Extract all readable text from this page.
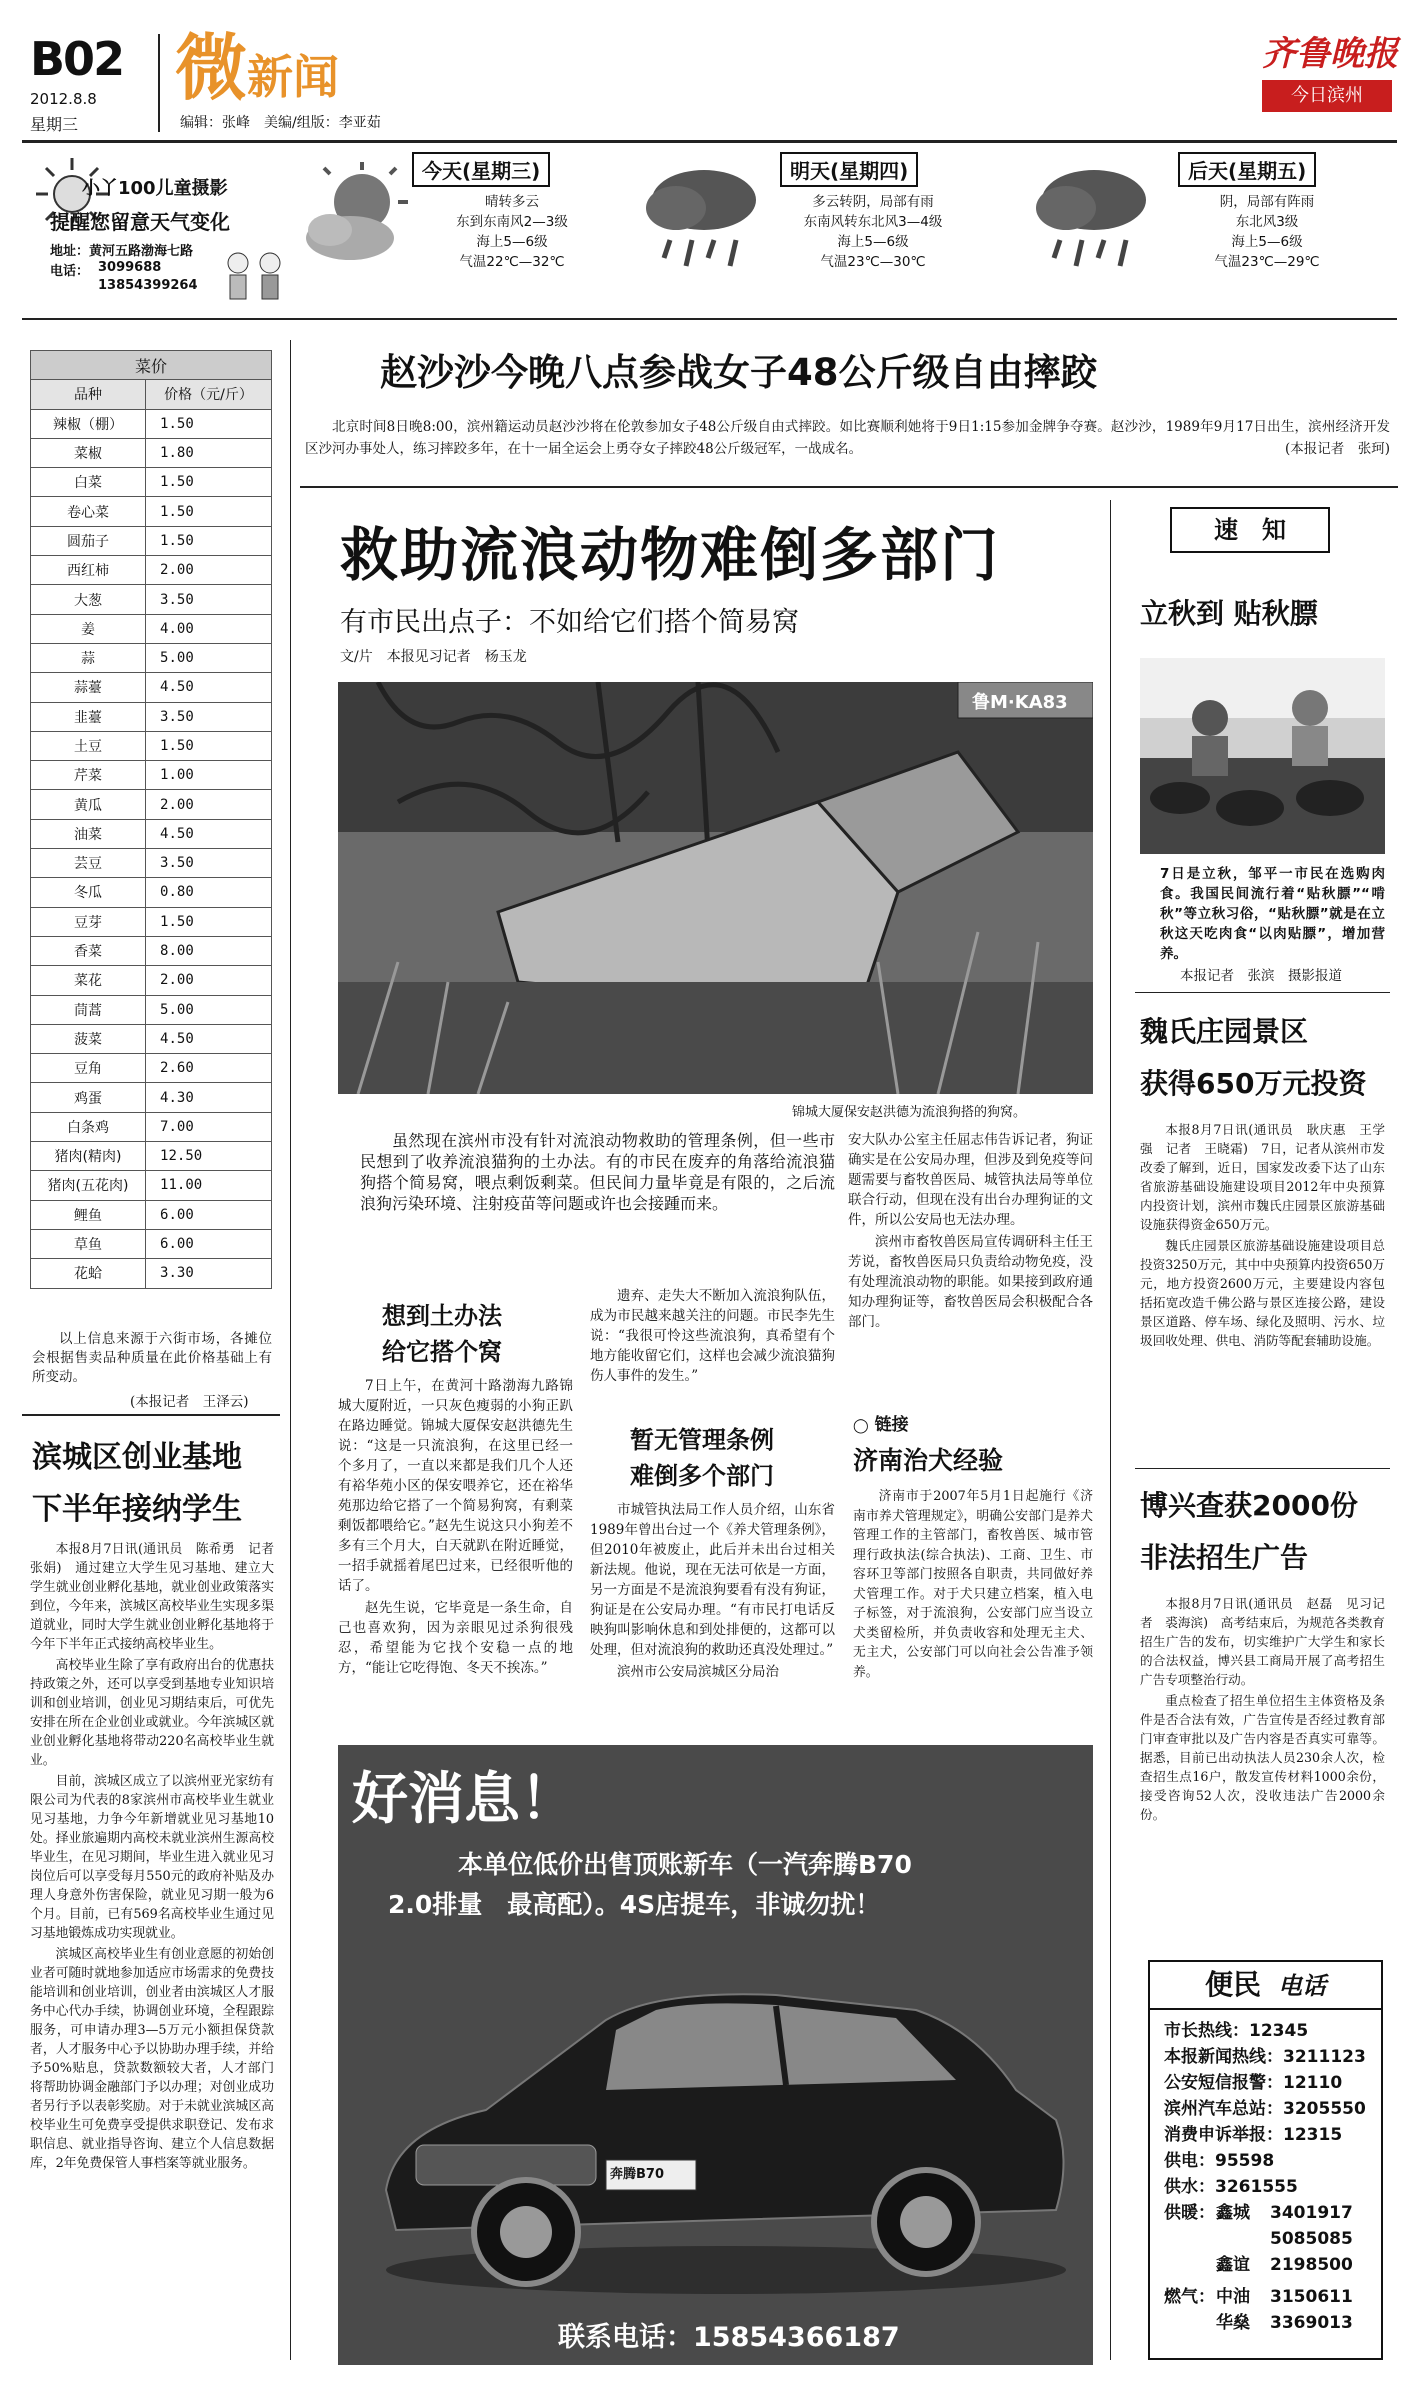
B02
2012.8.8
星期三
微新闻
编辑：张峰　美编/组版：李亚茹
齐鲁晚报
今日滨州
小丫100儿童摄影
提醒您留意天气变化
地址：黄河五路渤海七路
电话： 3099688
13854399264
今天(星期三)
晴转多云
东到东南风2—3级
海上5—6级
气温22℃—32℃
明天(星期四)
多云转阴，局部有雨
东南风转东北风3—4级
海上5—6级
气温23℃—30℃
后天(星期五)
阴，局部有阵雨
东北风3级
海上5—6级
气温23℃—29℃
菜价	
品种	价格（元/斤）
辣椒（棚）	1.50
菜椒	1.80
白菜	1.50
卷心菜	1.50
圆茄子	1.50
西红柿	2.00
大葱	3.50
姜	4.00
蒜	5.00
蒜薹	4.50
韭薹	3.50
土豆	1.50
芹菜	1.00
黄瓜	2.00
油菜	4.50
芸豆	3.50
冬瓜	0.80
豆芽	1.50
香菜	8.00
菜花	2.00
茼蒿	5.00
菠菜	4.50
豆角	2.60
鸡蛋	4.30
白条鸡	7.00
猪肉(精肉)	12.50
猪肉(五花肉)	11.00
鲤鱼	6.00
草鱼	6.00
花蛤	3.30
以上信息来源于六街市场，各摊位会根据售卖品种质量在此价格基础上有所变动。
(本报记者　王泽云)
滨城区创业基地
下半年接纳学生

本报8月7日讯(通讯员　陈希勇　记者　张娟)　通过建立大学生见习基地、建立大学生就业创业孵化基地，就业创业政策落实到位，今年来，滨城区高校毕业生实现多渠道就业，同时大学生就业创业孵化基地将于今年下半年正式接纳高校毕业生。

高校毕业生除了享有政府出台的优惠扶持政策之外，还可以享受到基地专业知识培训和创业培训，创业见习期结束后，可优先安排在所在企业创业或就业。今年滨城区就业创业孵化基地将带动220名高校毕业生就业。

目前，滨城区成立了以滨州亚光家纺有限公司为代表的8家滨州市高校毕业生就业见习基地，力争今年新增就业见习基地10处。择业旅遍期内高校未就业滨州生源高校毕业生，在见习期间，毕业生进入就业见习岗位后可以享受每月550元的政府补贴及办理人身意外伤害保险，就业见习期一般为6个月。目前，已有569名高校毕业生通过见习基地锻炼成功实现就业。

滨城区高校毕业生有创业意愿的初始创业者可随时就地参加适应市场需求的免费技能培训和创业培训，创业者由滨城区人才服务中心代办手续，协调创业环境，全程跟踪服务，可申请办理3—5万元小额担保贷款者，人才服务中心予以协助办理手续，并给予50%贴息，贷款数额较大者，人才部门将帮助协调金融部门予以办理；对创业成功者另行予以表彰奖励。对于未就业滨城区高校毕业生可免费享受提供求职登记、发布求职信息、就业指导咨询、建立个人信息数据库，2年免费保管人事档案等就业服务。

赵沙沙今晚八点参战女子48公斤级自由摔跤
北京时间8日晚8:00，滨州籍运动员赵沙沙将在伦敦参加女子48公斤级自由式摔跤。如比赛顺利她将于9日1:15参加金牌争夺赛。赵沙沙，1989年9月17日出生，滨州经济开发区沙河办事处人，练习摔跤多年，在十一届全运会上勇夺女子摔跤48公斤级冠军，一战成名。	(本报记者　张珂)
救助流浪动物难倒多部门
有市民出点子：不如给它们搭个简易窝
文/片　本报见习记者　杨玉龙
鲁M·KA83
锦城大厦保安赵洪德为流浪狗搭的狗窝。
虽然现在滨州市没有针对流浪动物救助的管理条例，但一些市民想到了收养流浪猫狗的土办法。有的市民在废弃的角落给流浪猫狗搭个简易窝，喂点剩饭剩菜。但民间力量毕竟是有限的，之后流浪狗污染环境、注射疫苗等问题或许也会接踵而来。

安大队办公室主任屈志伟告诉记者，狗证确实是在公安局办理，但涉及到免疫等问题需要与畜牧兽医局、城管执法局等单位联合行动，但现在没有出台办理狗证的文件，所以公安局也无法办理。

滨州市畜牧兽医局宣传调研科主任王芳说，畜牧兽医局只负责给动物免疫，没有处理流浪动物的职能。如果接到政府通知办理狗证等，畜牧兽医局会积极配合各部门。

想到土办法
给它搭个窝

7日上午，在黄河十路渤海九路锦城大厦附近，一只灰色瘦弱的小狗正趴在路边睡觉。锦城大厦保安赵洪德先生说：“这是一只流浪狗，在这里已经一个多月了，一直以来都是我们几个人还有裕华苑小区的保安喂养它，还在裕华苑那边给它搭了一个简易狗窝，有剩菜剩饭都喂给它。”赵先生说这只小狗差不多有三个月大，白天就趴在附近睡觉，一招手就摇着尾巴过来，已经很听他的话了。

赵先生说，它毕竟是一条生命，自己也喜欢狗，因为亲眼见过杀狗很残忍，希望能为它找个安稳一点的地方，“能让它吃得饱、冬天不挨冻。”

遗弃、走失大不断加入流浪狗队伍，成为市民越来越关注的问题。市民李先生说：“我很可怜这些流浪狗，真希望有个地方能收留它们，这样也会减少流浪猫狗伤人事件的发生。”

暂无管理条例
难倒多个部门

市城管执法局工作人员介绍，山东省1989年曾出台过一个《养犬管理条例》，但2010年被废止，此后并未出台过相关新法规。他说，现在无法可依是一方面，另一方面是不是流浪狗要看有没有狗证，狗证是在公安局办理。“有市民打电话反映狗叫影响休息和到处排便的，这都可以处理，但对流浪狗的救助还真没处理过。”

滨州市公安局滨城区分局治

◯ 链接
济南治犬经验

济南市于2007年5月1日起施行《济南市养犬管理规定》，明确公安部门是养犬管理工作的主管部门，畜牧兽医、城市管理行政执法(综合执法)、工商、卫生、市容环卫等部门按照各自职责，共同做好养犬管理工作。对于犬只建立档案，植入电子标签，对于流浪狗，公安部门应当设立犬类留检所，并负责收容和处理无主犬、无主犬，公安部门可以向社会公告准予领养。

好消息！
本单位低价出售顶账新车（一汽奔腾B70
2.0排量　最高配）。4S店提车，非诚勿扰！
奔腾B70
联系电话：15854366187
速　知
立秋到 贴秋膘
7日是立秋，邹平一市民在选购肉食。我国民间流行着“贴秋膘”“啃秋”等立秋习俗，“贴秋膘”就是在立秋这天吃肉食“以肉贴膘”，增加营养。
本报记者　张滨　摄影报道
魏氏庄园景区
获得650万元投资

本报8月7日讯(通讯员　耿庆惠　王学强　记者　王晓霜)　7日，记者从滨州市发改委了解到，近日，国家发改委下达了山东省旅游基础设施建设项目2012年中央预算内投资计划，滨州市魏氏庄园景区旅游基础设施获得资金650万元。

魏氏庄园景区旅游基础设施建设项目总投资3250万元，其中中央预算内投资650万元，地方投资2600万元，主要建设内容包括拓宽改造千佛公路与景区连接公路，建设景区道路、停车场、绿化及照明、污水、垃圾回收处理、供电、消防等配套辅助设施。

博兴查获2000份
非法招生广告

本报8月7日讯(通讯员　赵磊　见习记者　裘海滨)　高考结束后，为规范各类教育招生广告的发布，切实维护广大学生和家长的合法权益，博兴县工商局开展了高考招生广告专项整治行动。

重点检查了招生单位招生主体资格及条件是否合法有效，广告宣传是否经过教育部门审查审批以及广告内容是否真实可靠等。据悉，目前已出动执法人员230余人次，检查招生点16户，散发宣传材料1000余份，接受咨询52人次，没收违法广告2000余份。

便民 电话
市长热线：12345
本报新闻热线：3211123
公安短信报警：12110
滨州汽车总站：3205550
消费申诉举报：12315
供电：95598
供水：3261555
供暖： 鑫城 3401917
5085085

鑫谊 2198500
燃气： 中油 3150611
华燊 3369013
